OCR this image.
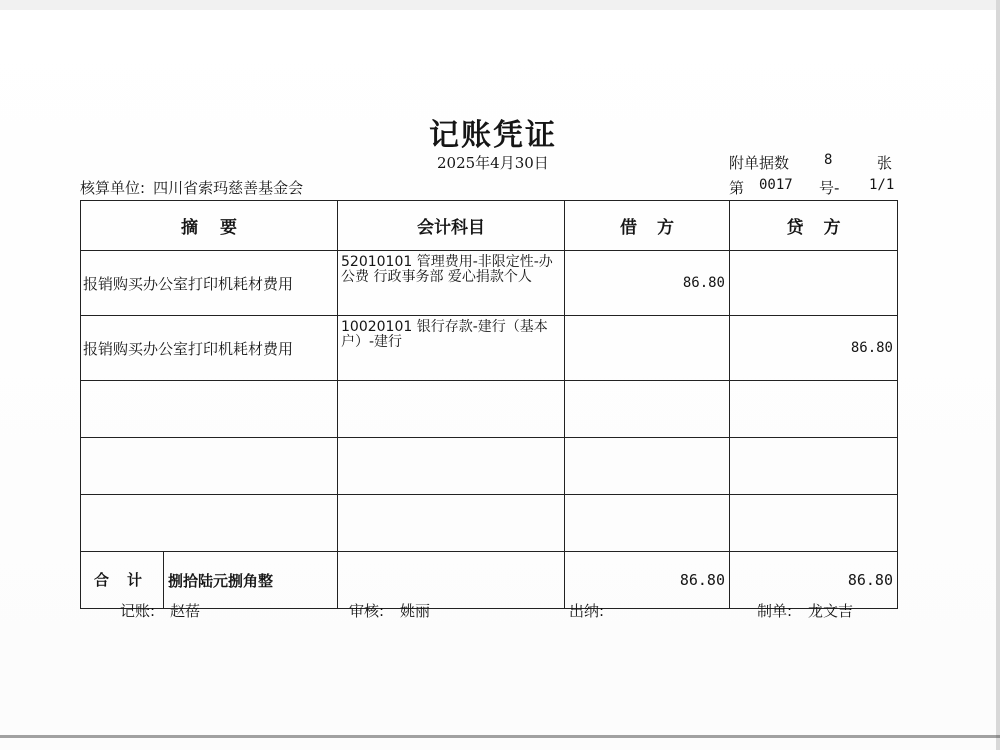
记账凭证
2025年4月30日	附单据数 8	张
核算单位: 四川省索玛慈善基金会	第 0017 号- 1/1
摘要	会计科目	借方	贷方
报销购买办公室打印机耗材费用	52010101 管理费用-非限定性-办公费 行政事务部 爱心捐款个人	86.80	
报销购买办公室打印机耗材费用	10020101 银行存款-建行（基本户）-建行		86.80

合计 捌拾陆元捌角整		86.80	86.80
记账: 赵蓓	审核: 姚丽	出纳:	制单: 龙文吉
